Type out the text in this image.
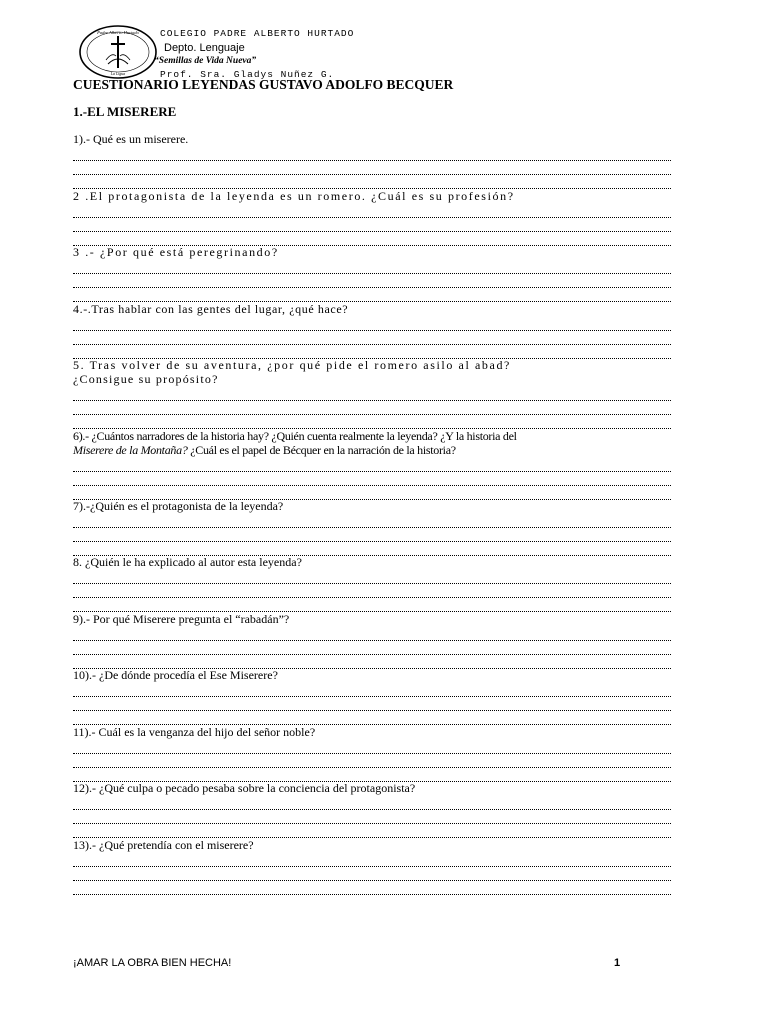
Padre Alberto Hurtado
La Ligua
COLEGIO PADRE ALBERTO HURTADO
Depto. Lenguaje
“Semillas de Vida Nueva”
Prof. Sra. Gladys Nuñez G.
CUESTIONARIO LEYENDAS GUSTAVO ADOLFO BECQUER
1.-EL MISERERE
1).- Qué es un miserere.
2 .El protagonista de la leyenda es un romero. ¿Cuál es su profesión?
3 .- ¿Por qué está peregrinando?
4.-.Tras hablar con las gentes del lugar, ¿qué hace?
5. Tras volver de su aventura, ¿por qué pide el romero asilo al abad?
¿Consigue su propósito?
6).- ¿Cuántos narradores de la historia hay? ¿Quién cuenta realmente la leyenda? ¿Y la historia del
Miserere de la Montaña? ¿Cuál es el papel de Bécquer en la narración de la historia?
7).-¿Quién es el protagonista de la leyenda?
8. ¿Quién le ha explicado al autor esta leyenda?
9).- Por qué Miserere pregunta el “rabadán”?
10).- ¿De dónde procedía el Ese Miserere?
11).- Cuál es la venganza del hijo del señor noble?
12).- ¿Qué culpa o pecado pesaba sobre la conciencia del protagonista?
13).- ¿Qué pretendía con el miserere?
¡AMAR LA OBRA BIEN HECHA!	1
